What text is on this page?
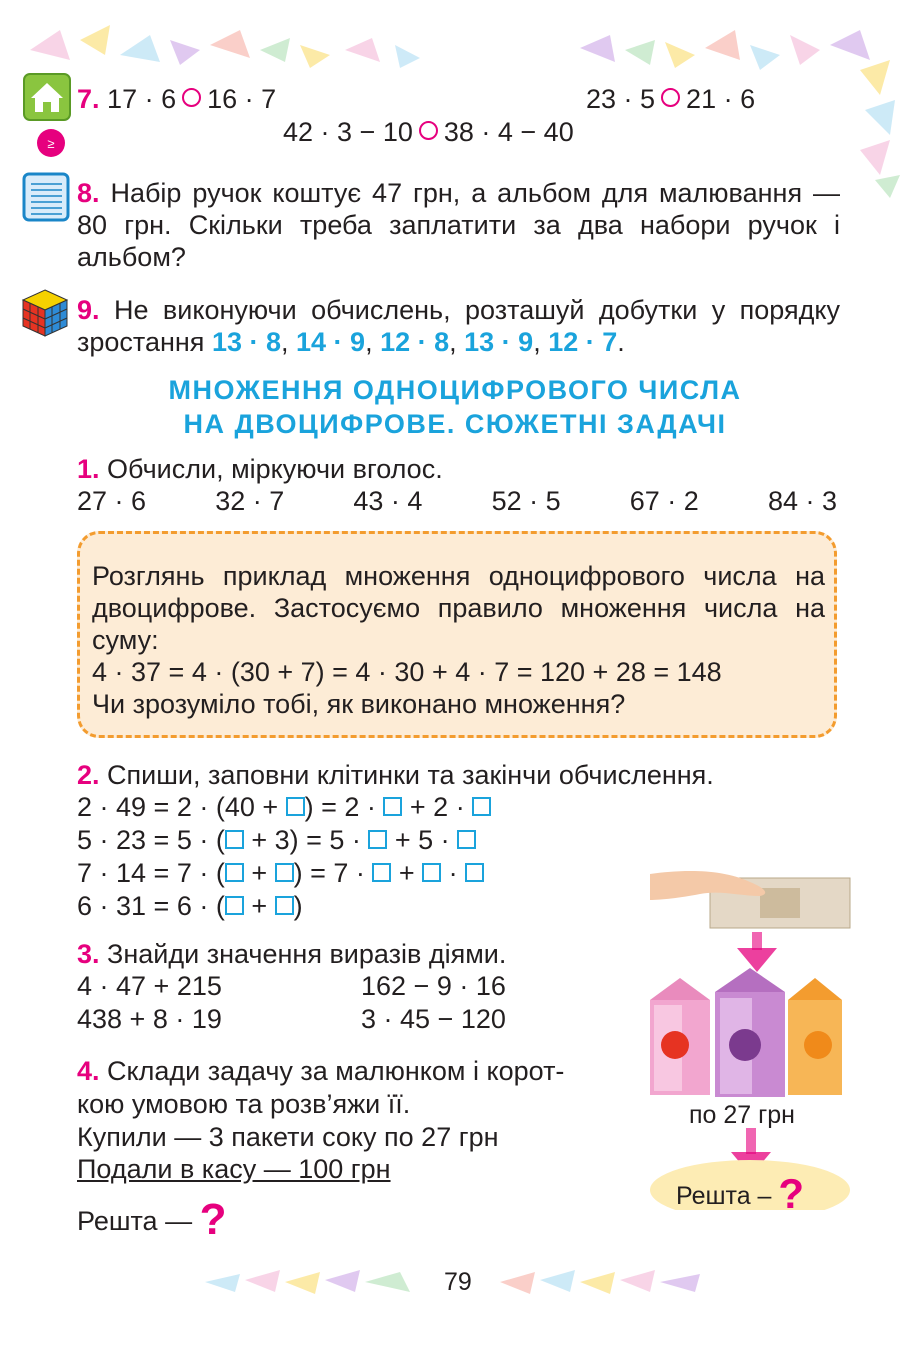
≥
7. 17 · 6 16 · 7	23 · 5 21 · 6
42 · 3 − 10 38 · 4 − 40
8. Набір ручок коштує 47 грн, а альбом для малювання — 80 грн. Скільки треба заплатити за два набори ручок і альбом?
9. Не виконуючи обчислень, розташуй добутки у порядку зростання 13 · 8, 14 · 9, 12 · 8, 13 · 9, 12 · 7.
МНОЖЕННЯ ОДНОЦИФРОВОГО ЧИСЛА
НА ДВОЦИФРОВЕ. СЮЖЕТНІ ЗАДАЧІ
1. Обчисли, міркуючи вголос.
27 · 6	32 · 7	43 · 4	52 · 5	67 · 2	84 · 3
Розглянь приклад множення одноцифрового числа на двоцифрове. Застосуємо правило множення числа на суму:
4 · 37 = 4 · (30 + 7) = 4 · 30 + 4 · 7 = 120 + 28 = 148
Чи зрозуміло тобі, як виконано множення?
2. Спиши, заповни клітинки та закінчи обчислення.
2 · 49 = 2 · (40 + ) = 2 ·  + 2 ·
5 · 23 = 5 · ( + 3) = 5 ·  + 5 ·
7 · 14 = 7 · ( + ) = 7 ·  +  ·
6 · 31 = 6 · ( + )
3. Знайди значення виразів діями.
4 · 47 + 215	162 − 9 · 16
438 + 8 · 19	3 · 45 − 120
4. Склади задачу за малюнком і корот-
кою умовою та розв’яжи її.
Купили — 3 пакети соку по 27 грн
Подали в касу — 100 грн
Решта — ?
по 27 грн
Решта – ?
79
